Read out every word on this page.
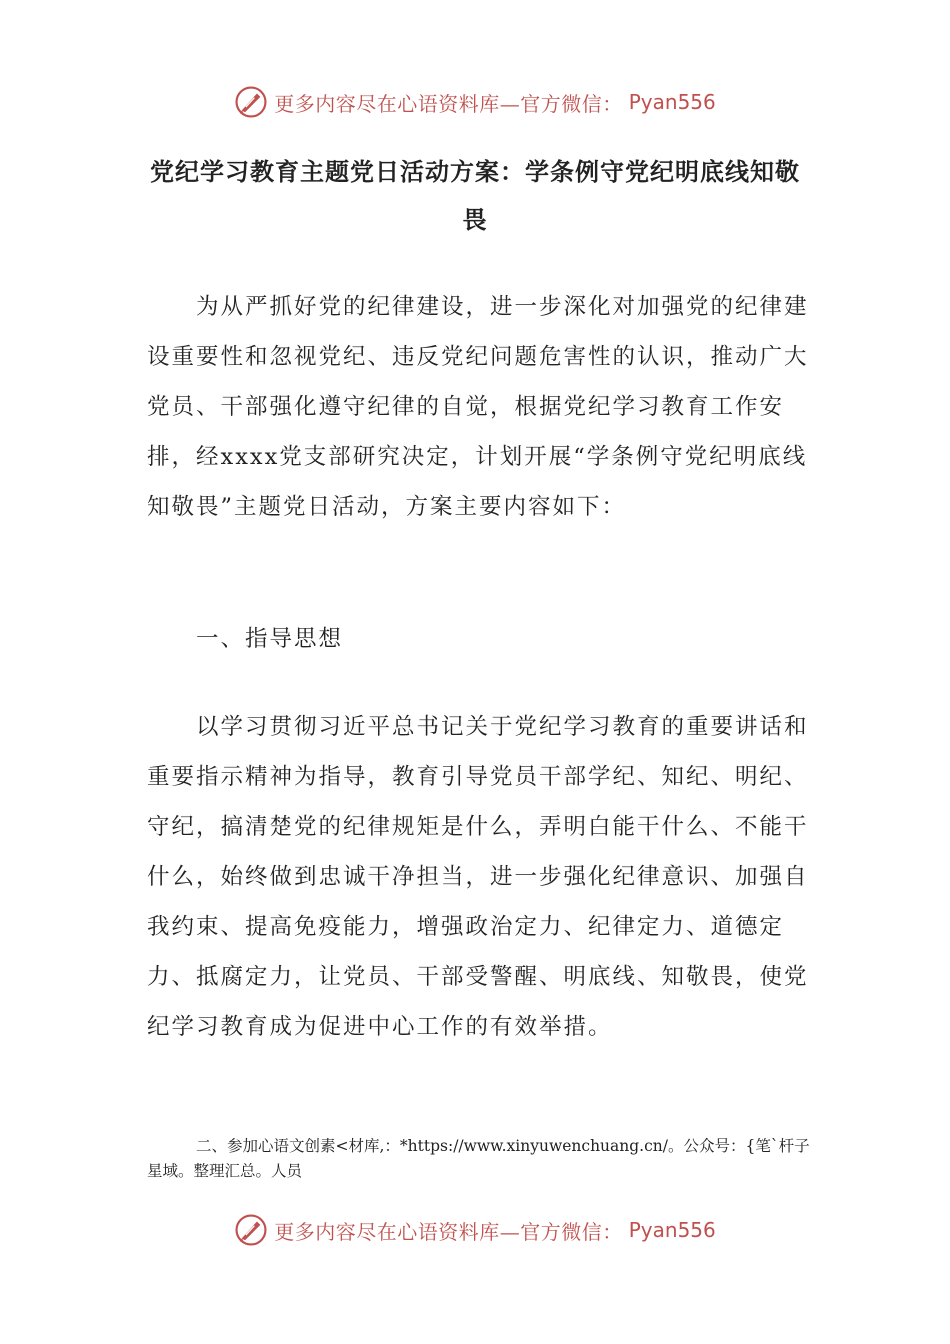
更多内容尽在心语资料库—官方微信： Pyan556
党纪学习教育主题党日活动方案：学条例守党纪明底线知敬畏

为从严抓好党的纪律建设，进一步深化对加强党的纪律建设重要性和忽视党纪、违反党纪问题危害性的认识，推动广大党员、干部强化遵守纪律的自觉，根据党纪学习教育工作安排，经xxxx党支部研究决定，计划开展“学条例守党纪明底线知敬畏”主题党日活动，方案主要内容如下：

一、指导思想

以学习贯彻习近平总书记关于党纪学习教育的重要讲话和重要指示精神为指导，教育引导党员干部学纪、知纪、明纪、守纪，搞清楚党的纪律规矩是什么，弄明白能干什么、不能干什么，始终做到忠诚干净担当，进一步强化纪律意识、加强自我约束、提高免疫能力，增强政治定力、纪律定力、道德定力、抵腐定力，让党员、干部受警醒、明底线、知敬畏，使党纪学习教育成为促进中心工作的有效举措。

二、参加心语文创素<材库,：*https://www.xinyuwenchuang.cn/。公众号：{笔`杆子星域。整理汇总。人员

更多内容尽在心语资料库—官方微信： Pyan556
